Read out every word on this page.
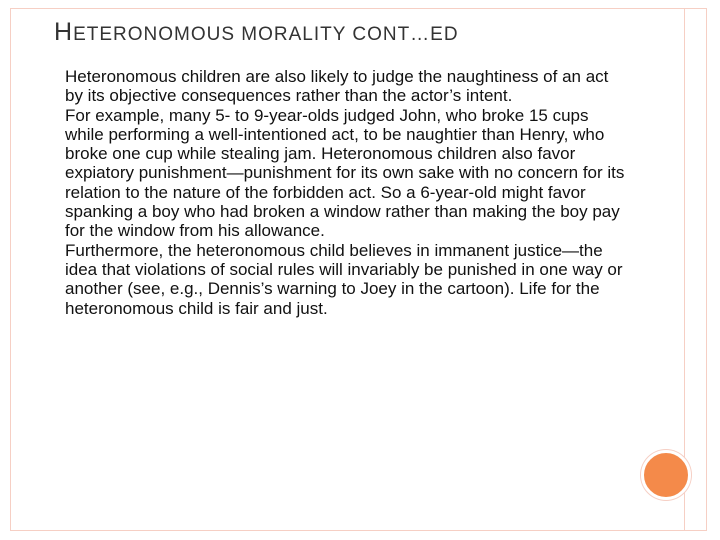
HETERONOMOUS MORALITY CONT…ED

Heteronomous children are also likely to judge the naughtiness of an act by its objective consequences rather than the actor’s intent.

For example, many 5- to 9-year-olds judged John, who broke 15 cups while performing a well-intentioned act, to be naughtier than Henry, who broke one cup while stealing jam. Heteronomous children also favor expiatory punishment—punishment for its own sake with no concern for its relation to the nature of the forbidden act. So a 6-year-old might favor spanking a boy who had broken a window rather than making the boy pay for the window from his allowance.

Furthermore, the heteronomous child believes in immanent justice—the idea that violations of social rules will invariably be punished in one way or another (see, e.g., Dennis’s warning to Joey in the cartoon). Life for the heteronomous child is fair and just.
